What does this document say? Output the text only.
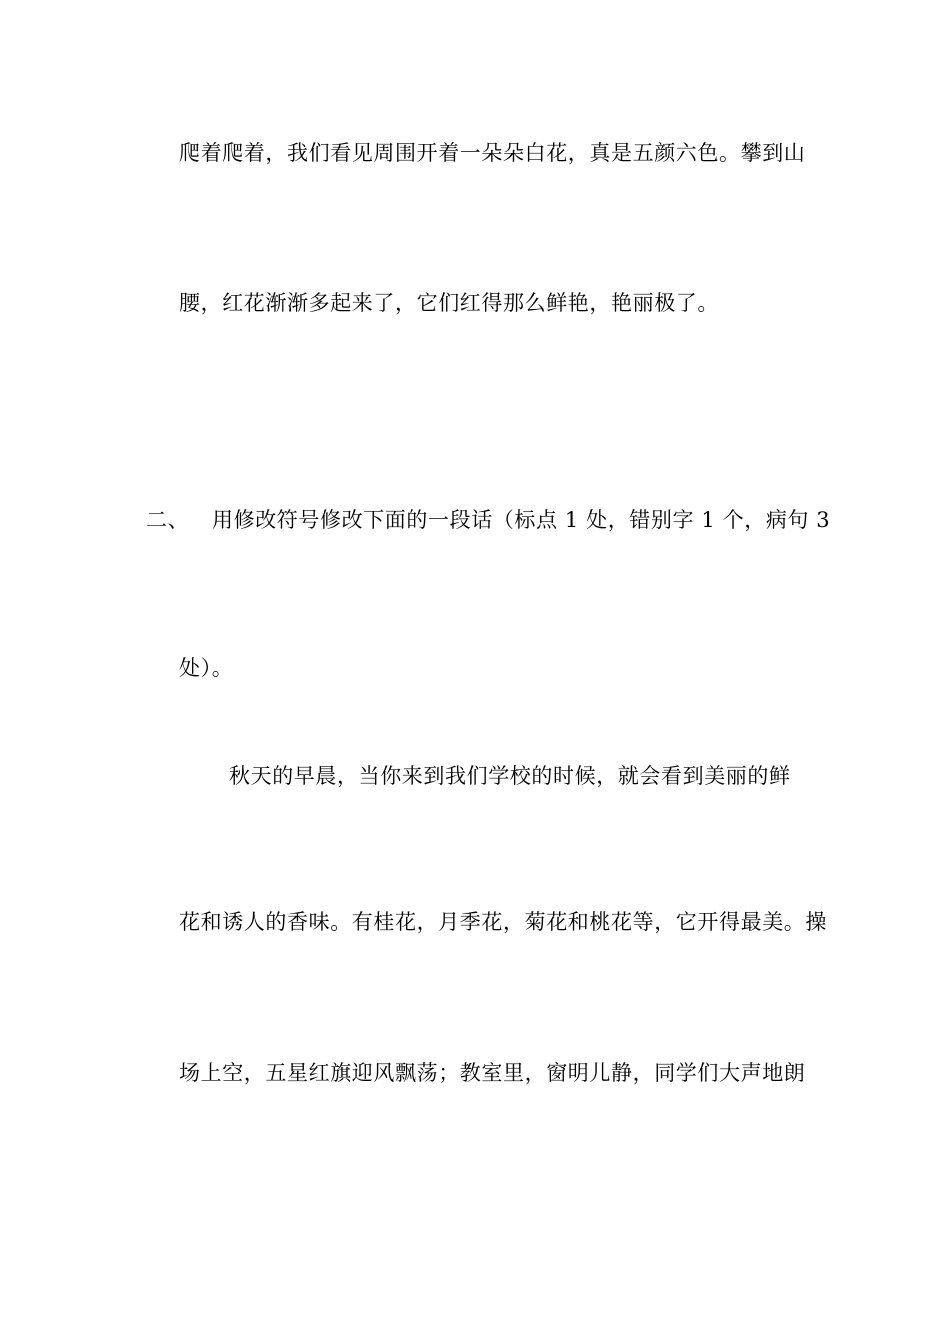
爬着爬着，我们看见周围开着一朵朵白花，真是五颜六色。攀到山
腰，红花渐渐多起来了，它们红得那么鲜艳，艳丽极了。
二、 用修改符号修改下面的一段话（标点 1 处，错别字 1 个，病句 3
处）。
秋天的早晨，当你来到我们学校的时候，就会看到美丽的鲜
花和诱人的香味。有桂花，月季花，菊花和桃花等，它开得最美。操
场上空，五星红旗迎风飘荡；教室里，窗明儿静，同学们大声地朗
